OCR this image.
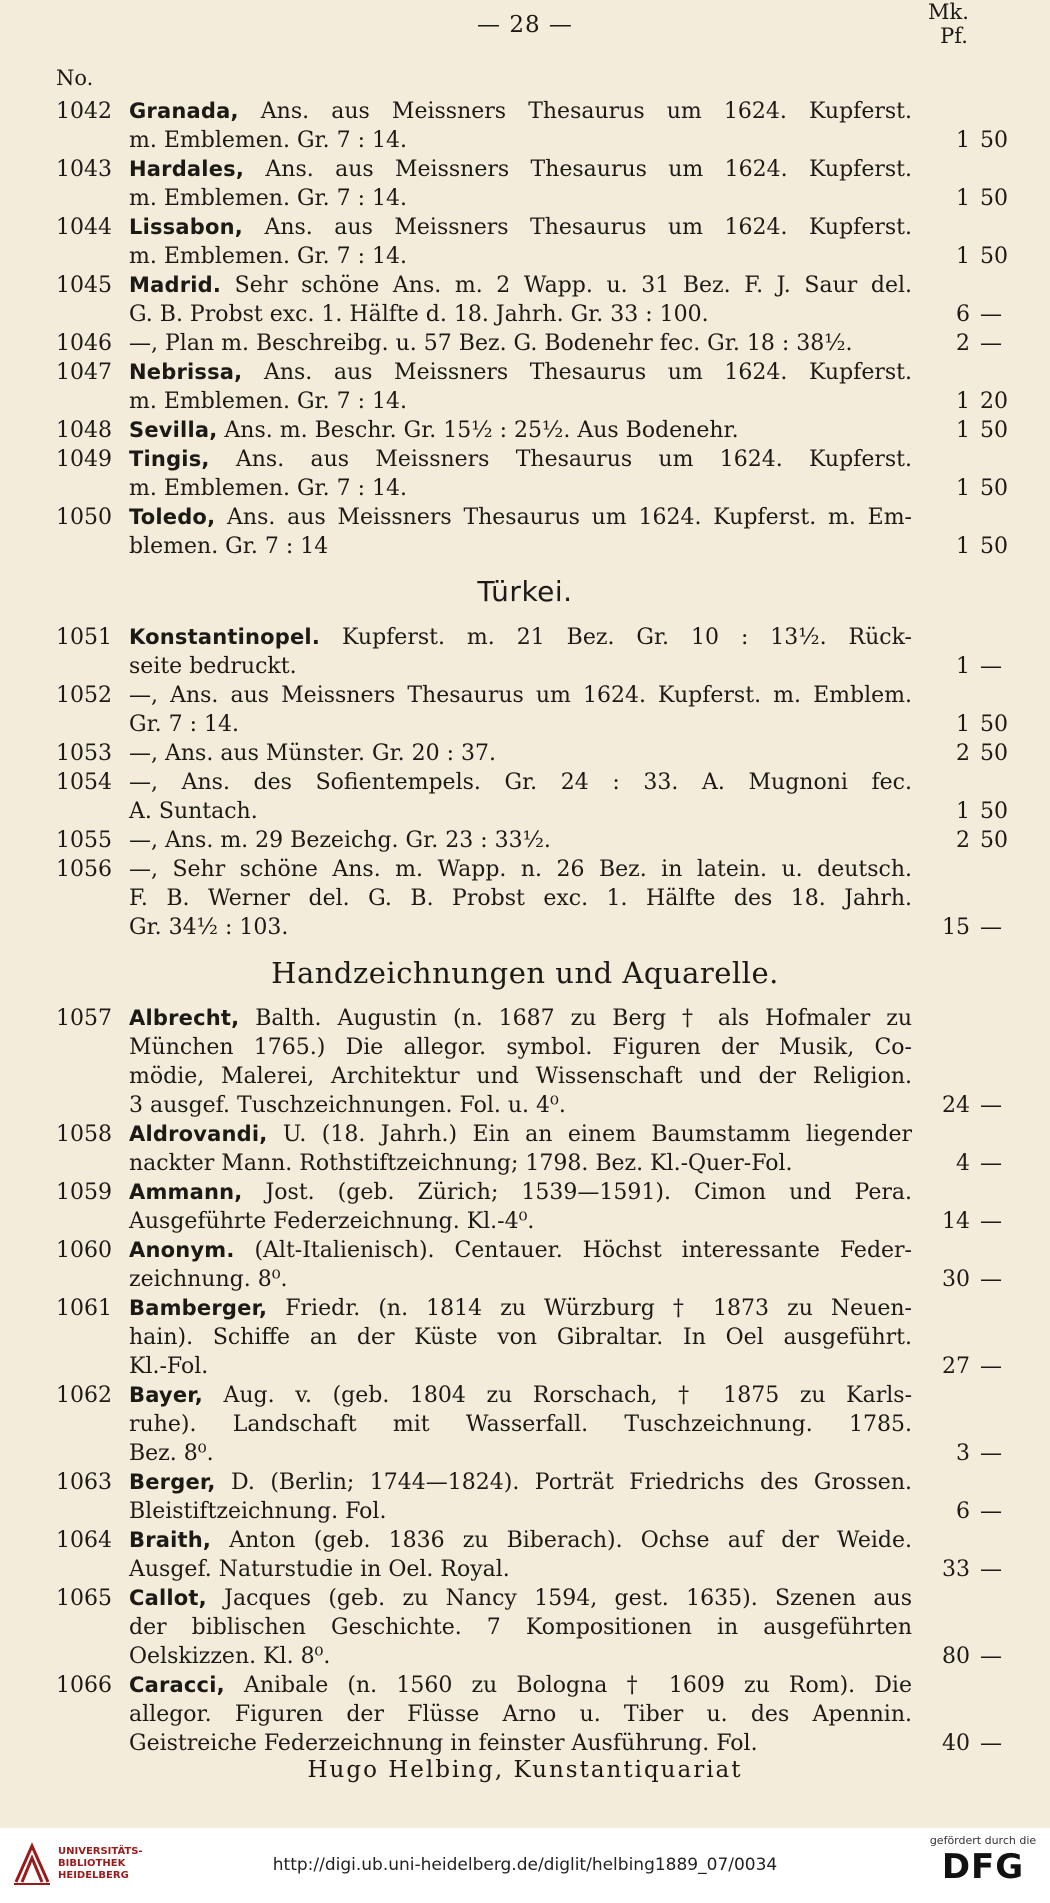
— 28 —
No.
Mk. Pf.
1042 Granada, Ans. aus Meissners Thesaurus um 1624. Kupferst.
m. Emblemen. Gr. 7 : 14.	1 50
1043 Hardales, Ans. aus Meissners Thesaurus um 1624. Kupferst.
m. Emblemen. Gr. 7 : 14.	1 50
1044 Lissabon, Ans. aus Meissners Thesaurus um 1624. Kupferst.
m. Emblemen. Gr. 7 : 14.	1 50
1045 Madrid. Sehr schöne Ans. m. 2 Wapp. u. 31 Bez. F. J. Saur del.
G. B. Probst exc. 1. Hälfte d. 18. Jahrh. Gr. 33 : 100.	6 —
1046 —, Plan m. Beschreibg. u. 57 Bez. G. Bodenehr fec. Gr. 18 : 38½.	2 —
1047 Nebrissa, Ans. aus Meissners Thesaurus um 1624. Kupferst.
m. Emblemen. Gr. 7 : 14.	1 20
1048 Sevilla, Ans. m. Beschr. Gr. 15½ : 25½. Aus Bodenehr.	1 50
1049 Tingis, Ans. aus Meissners Thesaurus um 1624. Kupferst.
m. Emblemen. Gr. 7 : 14.	1 50
1050 Toledo, Ans. aus Meissners Thesaurus um 1624. Kupferst. m. Em-
blemen. Gr. 7 : 14	1 50
Türkei.
1051 Konstantinopel. Kupferst. m. 21 Bez. Gr. 10 : 13½. Rück-
seite bedruckt.	1 —
1052 —, Ans. aus Meissners Thesaurus um 1624. Kupferst. m. Emblem.
Gr. 7 : 14.	1 50
1053 —, Ans. aus Münster. Gr. 20 : 37.	2 50
1054 —, Ans. des Sofientempels. Gr. 24 : 33. A. Mugnoni fec.
A. Suntach.	1 50
1055 —, Ans. m. 29 Bezeichg. Gr. 23 : 33½.	2 50
1056 —, Sehr schöne Ans. m. Wapp. n. 26 Bez. in latein. u. deutsch.
F. B. Werner del. G. B. Probst exc. 1. Hälfte des 18. Jahrh.
Gr. 34½ : 103.	15 —
Handzeichnungen und Aquarelle.
1057 Albrecht, Balth. Augustin (n. 1687 zu Berg † als Hofmaler zu
München 1765.) Die allegor. symbol. Figuren der Musik, Co-
mödie, Malerei, Architektur und Wissenschaft und der Religion.
3 ausgef. Tuschzeichnungen. Fol. u. 4⁰.	24 —
1058 Aldrovandi, U. (18. Jahrh.) Ein an einem Baumstamm liegender
nackter Mann. Rothstiftzeichnung; 1798. Bez. Kl.-Quer-Fol.	4 —
1059 Ammann, Jost. (geb. Zürich; 1539—1591). Cimon und Pera.
Ausgeführte Federzeichnung. Kl.-4⁰.	14 —
1060 Anonym. (Alt-Italienisch). Centauer. Höchst interessante Feder-
zeichnung. 8⁰.	30 —
1061 Bamberger, Friedr. (n. 1814 zu Würzburg † 1873 zu Neuen-
hain). Schiffe an der Küste von Gibraltar. In Oel ausgeführt.
Kl.-Fol.	27 —
1062 Bayer, Aug. v. (geb. 1804 zu Rorschach, † 1875 zu Karls-
ruhe). Landschaft mit Wasserfall. Tuschzeichnung. 1785.
Bez. 8⁰.	3 —
1063 Berger, D. (Berlin; 1744—1824). Porträt Friedrichs des Grossen.
Bleistiftzeichnung. Fol.	6 —
1064 Braith, Anton (geb. 1836 zu Biberach). Ochse auf der Weide.
Ausgef. Naturstudie in Oel. Royal.	33 —
1065 Callot, Jacques (geb. zu Nancy 1594, gest. 1635). Szenen aus
der biblischen Geschichte. 7 Kompositionen in ausgeführten
Oelskizzen. Kl. 8⁰.	80 —
1066 Caracci, Anibale (n. 1560 zu Bologna † 1609 zu Rom). Die
allegor. Figuren der Flüsse Arno u. Tiber u. des Apennin.
Geistreiche Federzeichnung in feinster Ausführung. Fol.	40 —
Hugo Helbing, Kunstantiquariat
UNIVERSITÄTS-
BIBLIOTHEK
HEIDELBERG
http://digi.ub.uni-heidelberg.de/diglit/helbing1889_07/0034
gefördert durch die
DFG
